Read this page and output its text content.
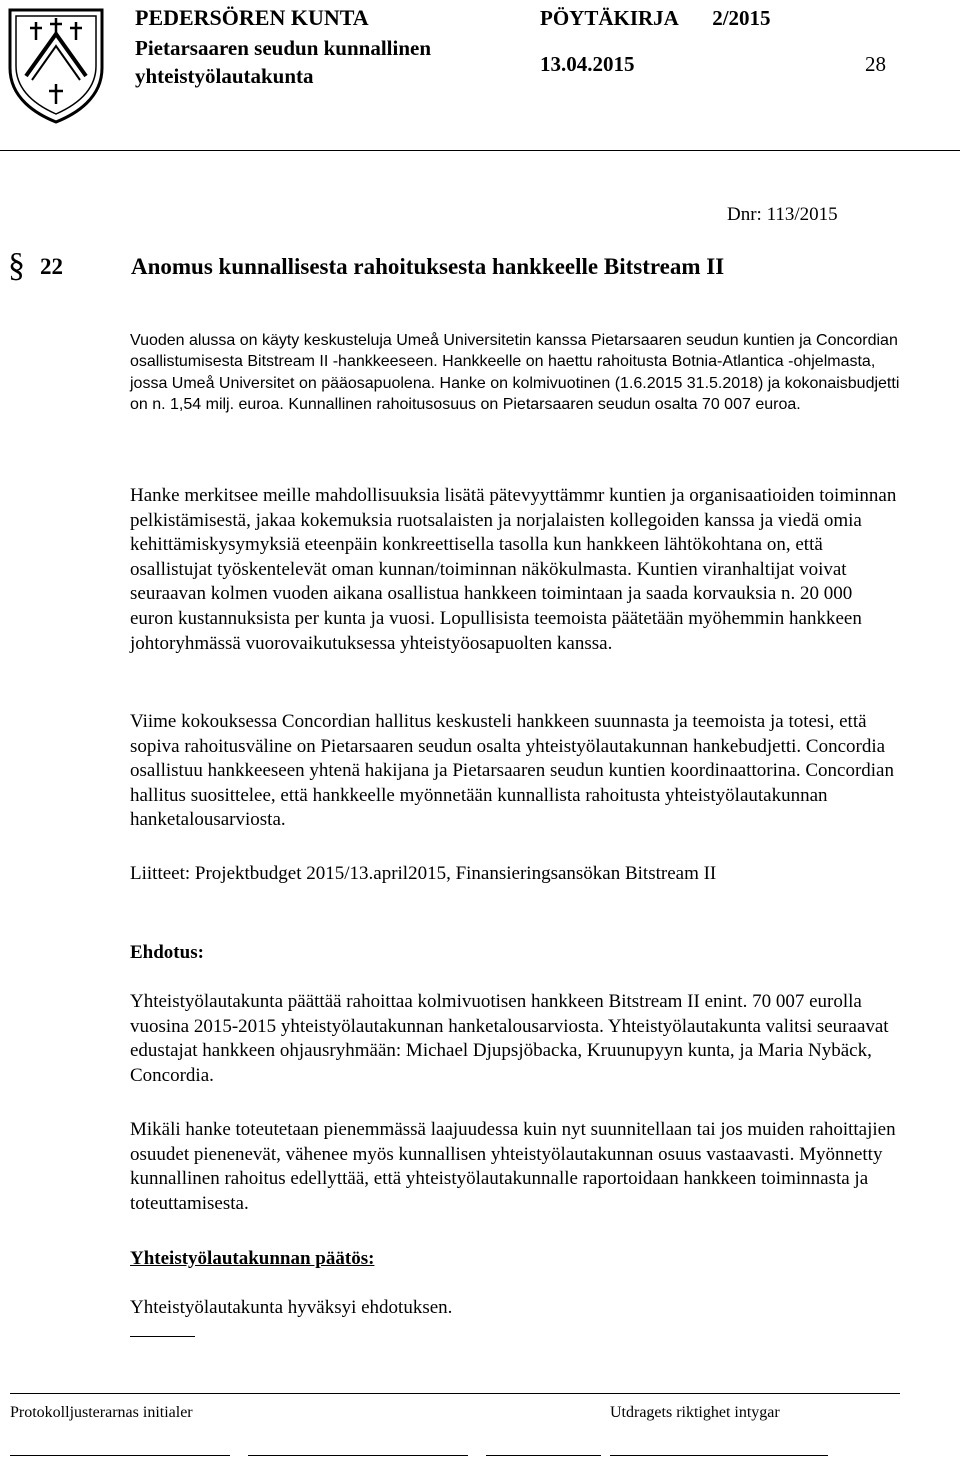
PEDERSÖREN KUNTA
Pietarsaaren seudun kunnallinen
yhteistyölautakunta
PÖYTÄKIRJA 2/2015
13.04.2015	28
Dnr: 113/2015
§ 22	Anomus kunnallisesta rahoituksesta hankkeelle Bitstream II
Vuoden alussa on käyty keskusteluja Umeå Universitetin kanssa Pietarsaaren seudun kuntien ja Concordian osallistumisesta Bitstream II -hankkeeseen. Hankkeelle on haettu rahoitusta Botnia-Atlantica -ohjelmasta, jossa Umeå Universitet on pääosapuolena. Hanke on kolmivuotinen (1.6.2015 31.5.2018) ja kokonaisbudjetti on n. 1,54 milj. euroa. Kunnallinen rahoitusosuus on Pietarsaaren seudun osalta 70 007 euroa.
Hanke merkitsee meille mahdollisuuksia lisätä pätevyyttämmr kuntien ja organisaatioiden toiminnan pelkistämisestä, jakaa kokemuksia ruotsalaisten ja norjalaisten kollegoiden kanssa ja viedä omia kehittämiskysymyksiä eteenpäin konkreettisella tasolla kun hankkeen lähtökohtana on, että osallistujat työskentelevät oman kunnan/toiminnan näkökulmasta. Kuntien viranhaltijat voivat seuraavan kolmen vuoden aikana osallistua hankkeen toimintaan ja saada korvauksia n. 20 000 euron kustannuksista per kunta ja vuosi. Lopullisista teemoista päätetään myöhemmin hankkeen johtoryhmässä vuorovaikutuksessa yhteistyöosapuolten kanssa.
Viime kokouksessa Concordian hallitus keskusteli hankkeen suunnasta ja teemoista ja totesi, että sopiva rahoitusväline on Pietarsaaren seudun osalta yhteistyölautakunnan hankebudjetti. Concordia osallistuu hankkeeseen yhtenä hakijana ja Pietarsaaren seudun kuntien koordinaattorina. Concordian hallitus suosittelee, että hankkeelle myönnetään kunnallista rahoitusta yhteistyölautakunnan hanketalousarviosta.
Liitteet: Projektbudget 2015/13.april2015, Finansieringsansökan Bitstream II
Ehdotus:
Yhteistyölautakunta päättää rahoittaa kolmivuotisen hankkeen Bitstream II enint. 70 007 eurolla vuosina 2015-2015 yhteistyölautakunnan hanketalousarviosta. Yhteistyölautakunta valitsi seuraavat edustajat hankkeen ohjausryhmään: Michael Djupsjöbacka, Kruunupyyn kunta, ja Maria Nybäck, Concordia.
Mikäli hanke toteutetaan pienemmässä laajuudessa kuin nyt suunnitellaan tai jos muiden rahoittajien osuudet pienenevät, vähenee myös kunnallisen yhteistyölautakunnan osuus vastaavasti. Myönnetty kunnallinen rahoitus edellyttää, että yhteistyölautakunnalle raportoidaan hankkeen toiminnasta ja toteuttamisesta.
Yhteistyölautakunnan päätös:
Yhteistyölautakunta hyväksyi ehdotuksen.
Protokolljusterarnas initialer	Utdragets riktighet intygar
